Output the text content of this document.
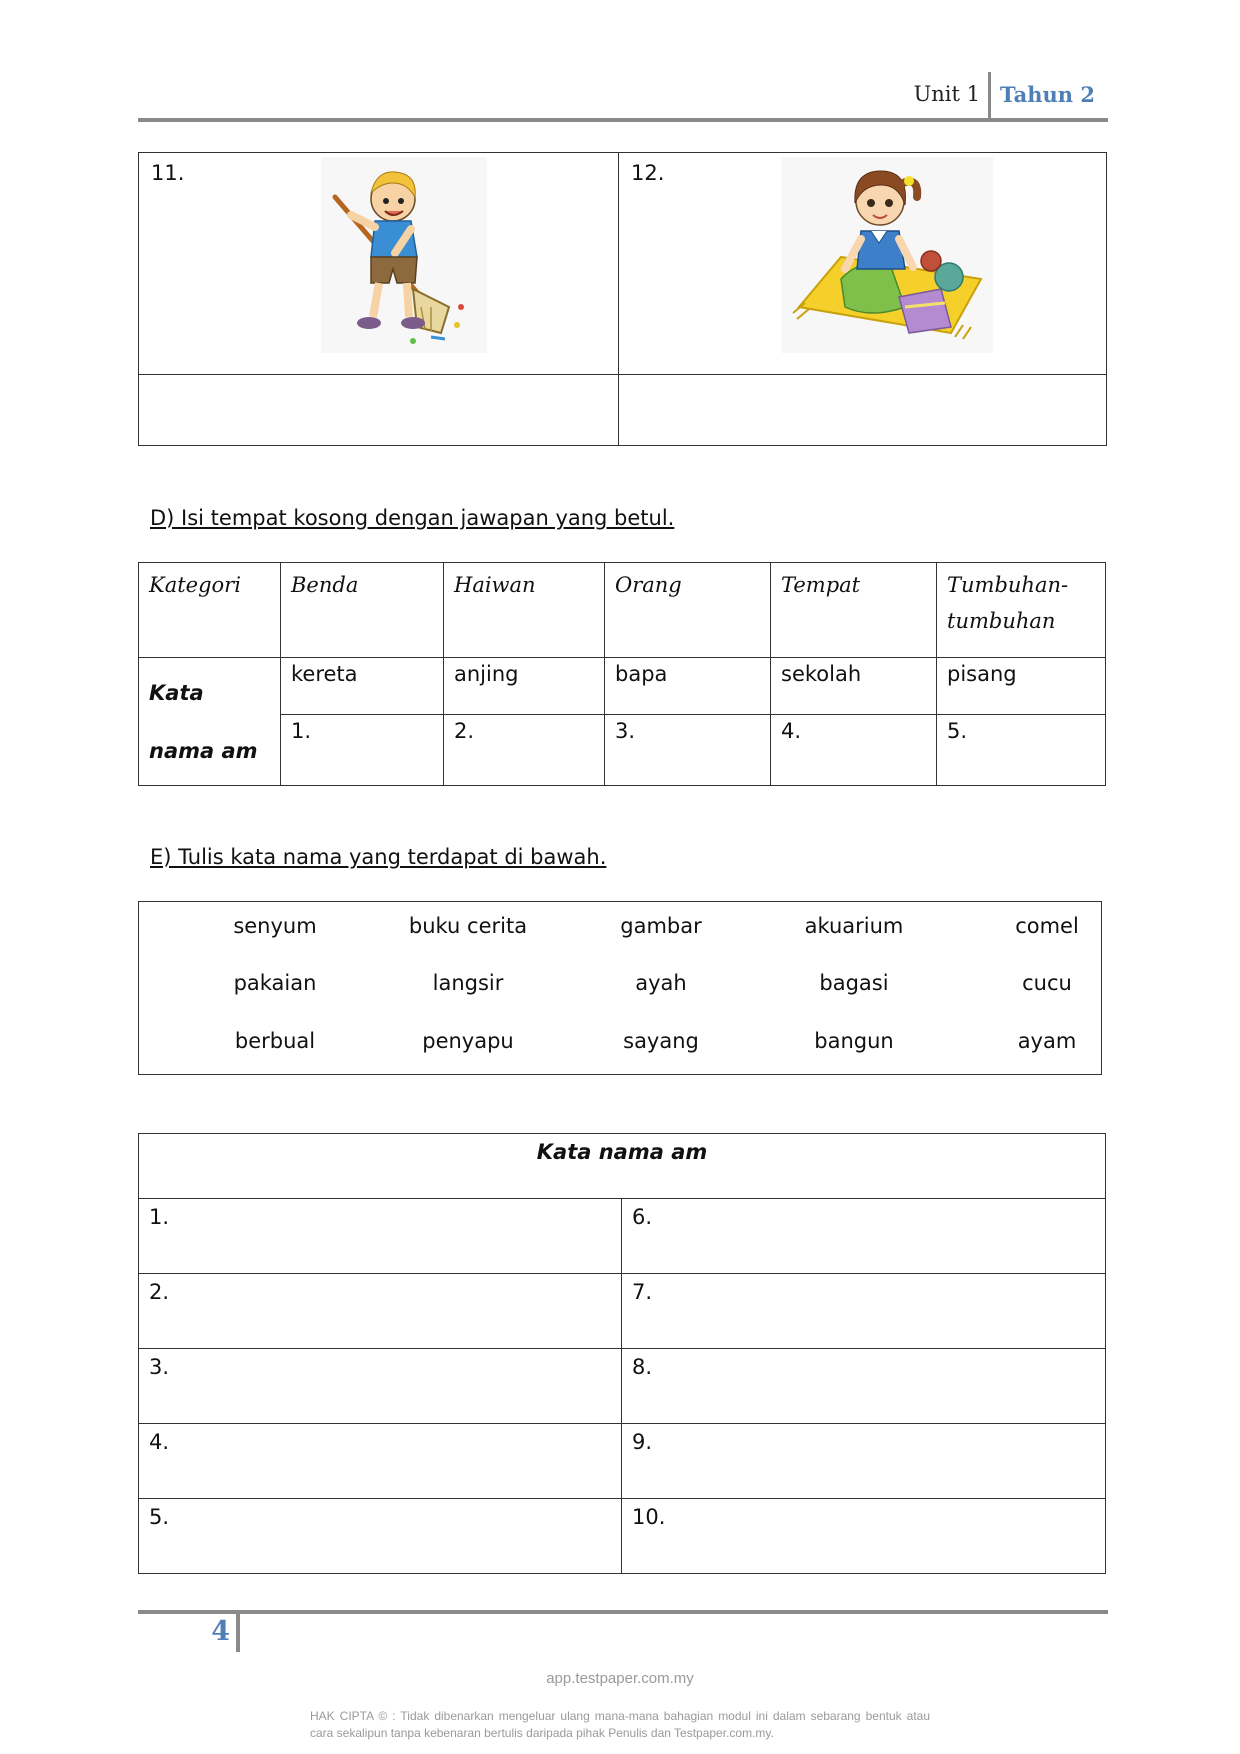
Unit 1 Tahun 2
11.	12.

D) Isi tempat kosong dengan jawapan yang betul.
Kategori	Benda	Haiwan	Orang	Tempat	Tumbuhan-tumbuhan
Kata nama am	kereta	anjing	bapa	sekolah	pisang
	1.	2.	3.	4.	5.
E) Tulis kata nama yang terdapat di bawah.
senyum	buku cerita	gambar	akuarium	comel
pakaian	langsir	ayah	bagasi	cucu
berbual	penyapu	sayang	bangun	ayam
Kata nama am	
1.	6.
2.	7.
3.	8.
4.	9.
5.	10.
4
app.testpaper.com.my
HAK CIPTA © : Tidak dibenarkan mengeluar ulang mana-mana bahagian modul ini dalam sebarang bentuk atau cara sekalipun tanpa kebenaran bertulis daripada pihak Penulis dan Testpaper.com.my.
